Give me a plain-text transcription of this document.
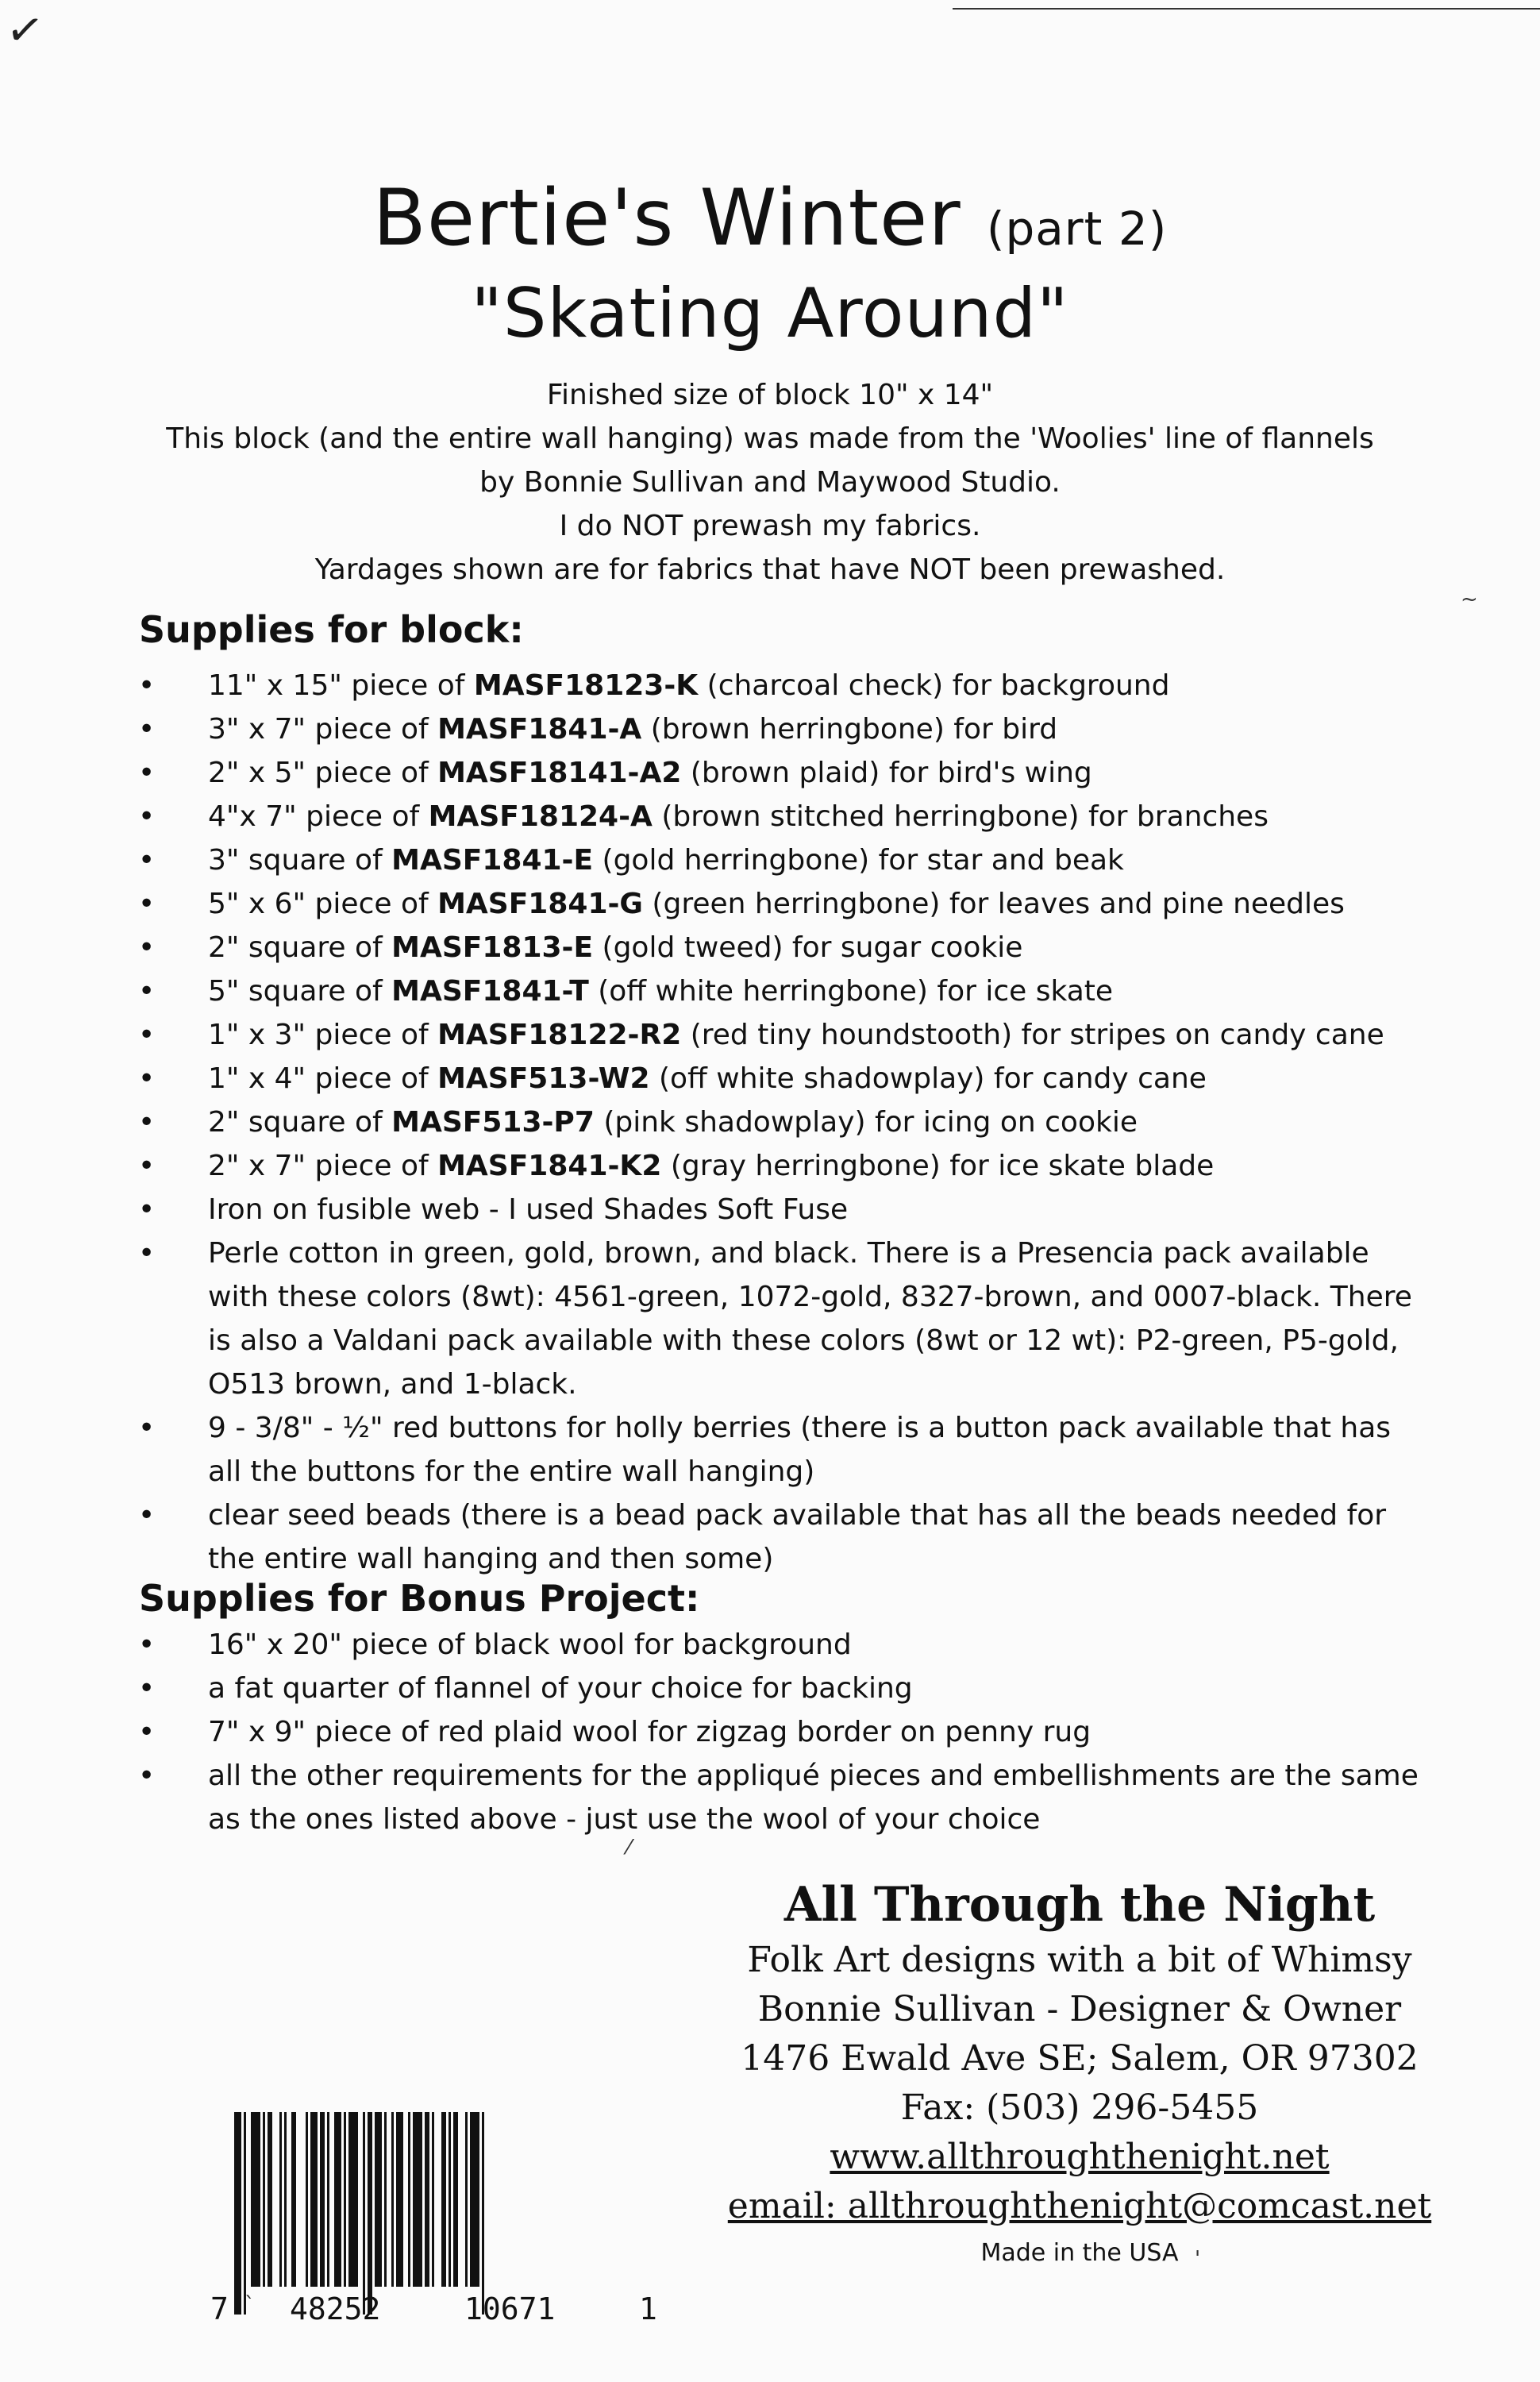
✓
Bertie's Winter (part 2)
"Skating Around"

Finished size of block 10" x 14"

This block (and the entire wall hanging) was made from the 'Woolies' line of flannels

by Bonnie Sullivan and Maywood Studio.

I do NOT prewash my fabrics.

Yardages shown are for fabrics that have NOT been prewashed.

Supplies for block:
• 11" x 15" piece of MASF18123-K (charcoal check) for background
• 3" x 7" piece of MASF1841-A (brown herringbone) for bird
• 2" x 5" piece of MASF18141-A2 (brown plaid) for bird's wing
• 4"x 7" piece of MASF18124-A (brown stitched herringbone) for branches
• 3" square of MASF1841-E (gold herringbone) for star and beak
• 5" x 6" piece of MASF1841-G (green herringbone) for leaves and pine needles
• 2" square of MASF1813-E (gold tweed) for sugar cookie
• 5" square of MASF1841-T (off white herringbone) for ice skate
• 1" x 3" piece of MASF18122-R2 (red tiny houndstooth) for stripes on candy cane
• 1" x 4" piece of MASF513-W2 (off white shadowplay) for candy cane
• 2" square of MASF513-P7 (pink shadowplay) for icing on cookie
• 2" x 7" piece of MASF1841-K2 (gray herringbone) for ice skate blade
• Iron on fusible web - I used Shades Soft Fuse
• Perle cotton in green, gold, brown, and black. There is a Presencia pack available with these colors (8wt): 4561-green, 1072-gold, 8327-brown, and 0007-black. There is also a Valdani pack available with these colors (8wt or 12 wt): P2-green, P5-gold, O513 brown, and 1-black.
• 9 - 3/8" - ½" red buttons for holly berries (there is a button pack available that has all the buttons for the entire wall hanging)
• clear seed beads (there is a bead pack available that has all the beads needed for the entire wall hanging and then some)
Supplies for Bonus Project:
• 16" x 20" piece of black wool for background
• a fat quarter of flannel of your choice for backing
• 7" x 9" piece of red plaid wool for zigzag border on penny rug
• all the other requirements for the appliqué pieces and embellishments are the same as the ones listed above - just use the wool of your choice
⁄
7 48252	10671	1
All Through the Night
Folk Art designs with a bit of Whimsy
Bonnie Sullivan - Designer & Owner
1476 Ewald Ave SE; Salem, OR 97302
Fax: (503) 296-5455
www.allthroughthenight.net
email: allthroughthenight@comcast.net
Made in the USA
`
'
~
